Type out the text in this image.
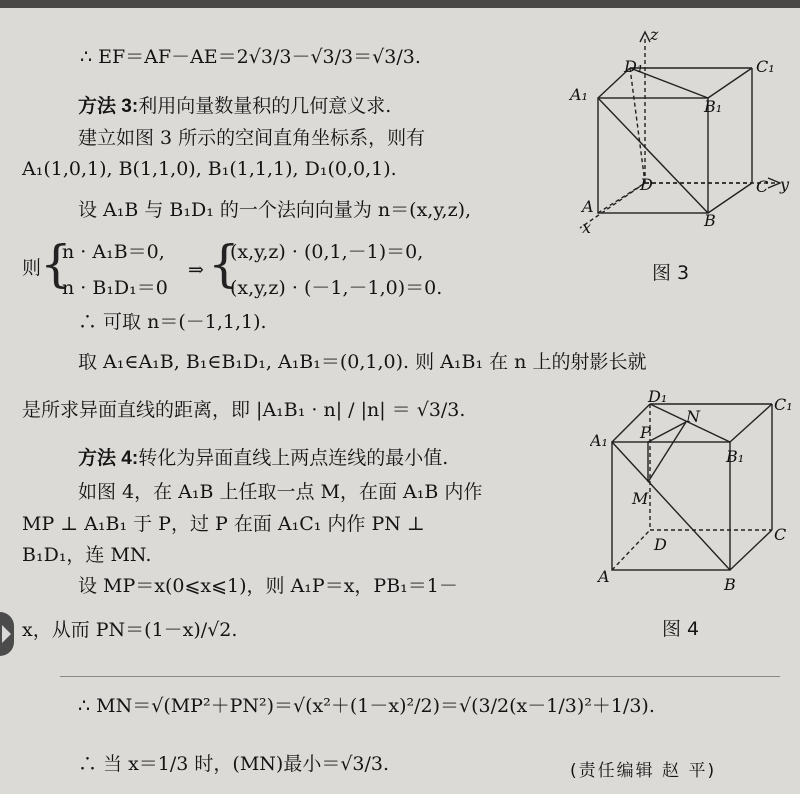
∴ EF＝AF－AE＝2√3/3－√3/3＝√3/3.
方法 3:利用向量数量积的几何意义求.
建立如图 3 所示的空间直角坐标系，则有
A₁(1,0,1), B(1,1,0), B₁(1,1,1), D₁(0,0,1).
设 A₁B 与 B₁D₁ 的一个法向向量为 n＝(x,y,z),
则
{
n · A₁B＝0,
n · B₁D₁＝0
⇒ {
(x,y,z) · (0,1,－1)＝0,
(x,y,z) · (－1,－1,0)＝0.
∴ 可取 n＝(－1,1,1).
取 A₁∈A₁B, B₁∈B₁D₁, A₁B₁＝(0,1,0). 则 A₁B₁ 在 n 上的射影长就
是所求异面直线的距离，即 |A₁B₁ · n| / |n| ＝ √3/3.
方法 4:转化为异面直线上两点连线的最小值.
如图 4，在 A₁B 上任取一点 M，在面 A₁B 内作
MP ⊥ A₁B₁ 于 P，过 P 在面 A₁C₁ 内作 PN ⊥
B₁D₁，连 MN.
设 MP＝x(0⩽x⩽1)，则 A₁P＝x，PB₁＝1－
x，从而 PN＝(1－x)/√2.
∴ MN＝√(MP²＋PN²)＝√(x²＋(1－x)²/2)＝√(3/2(x－1/3)²＋1/3).
∴ 当 x＝1/3 时，(MN)最小＝√3/3.	(责任编辑 赵 平)
z
y
x
D₁	C₁
A₁
B₁
D	C
A
B
图 3
D₁	C₁
A₁
B₁
P
N
M
D
C
A	B
图 4
